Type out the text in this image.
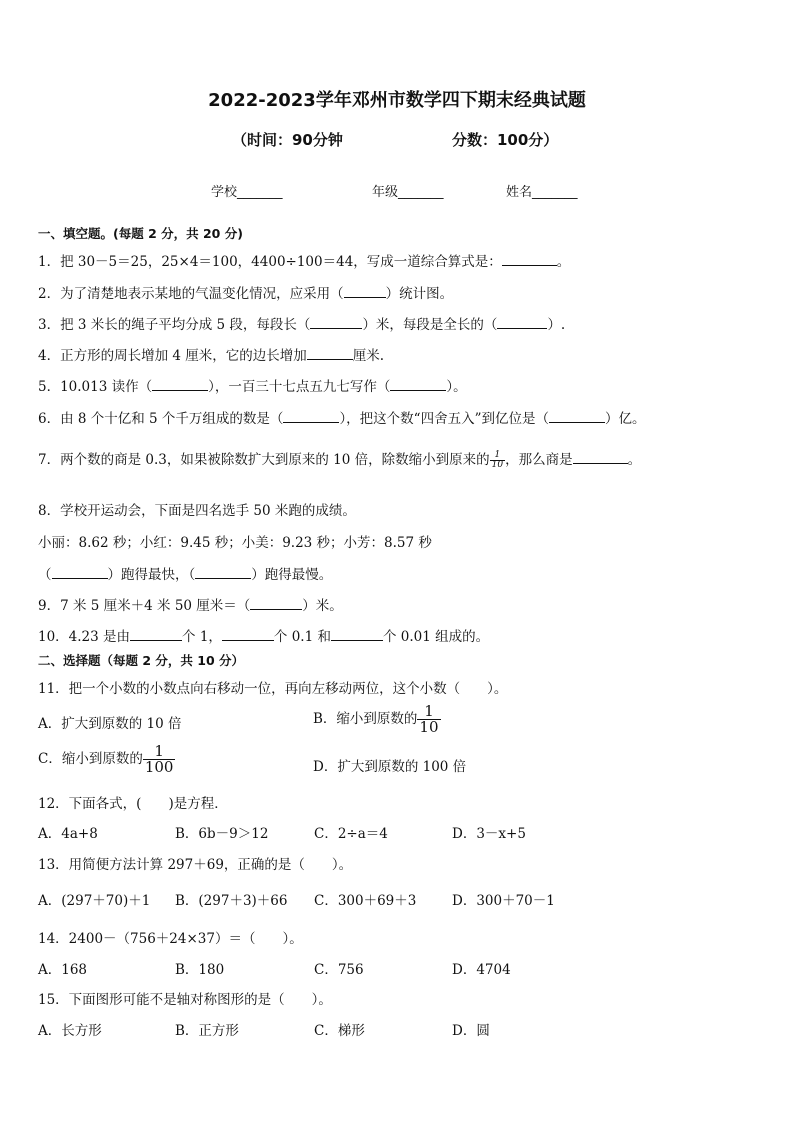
2022-2023学年邓州市数学四下期末经典试题
（时间：90分钟	分数：100分）
学校_______	年级_______	姓名_______
一、填空题。(每题 2 分，共 20 分)
1．把 30－5＝25，25×4＝100，4400÷100＝44，写成一道综合算式是：	。
2．为了清楚地表示某地的气温变化情况，应采用（	）统计图。
3．把 3 米长的绳子平均分成 5 段，每段长（	）米，每段是全长的（	）.
4．正方形的周长增加 4 厘米，它的边长增加	厘米.
5．10.013 读作（	），一百三十七点五九七写作（	）。
6．由 8 个十亿和 5 个千万组成的数是（	），把这个数“四舍五入”到亿位是（	）亿。
7．两个数的商是 0.3，如果被除数扩大到原来的 10 倍，除数缩小到原来的 $\frac{1}{10}$ ，那么商是	。
8．学校开运动会，下面是四名选手 50 米跑的成绩。
小丽：8.62 秒；小红：9.45 秒；小美：9.23 秒；小芳：8.57 秒
（	）跑得最快，（	）跑得最慢。
9．7 米 5 厘米＋4 米 50 厘米＝（	）米。
10．4.23 是由	个 1，	个 0.1 和	个 0.01 组成的。
二、选择题（每题 2 分，共 10 分）
11．把一个小数的小数点向右移动一位，再向左移动两位，这个小数（　　）。
A．扩大到原数的 10 倍	B．缩小到原数的 $\frac{1}{10}$
C．缩小到原数的 $\frac{1}{100}$	D．扩大到原数的 100 倍
12．下面各式，(　　)是方程．
A．4a+8	B．6b－9＞12	C．2÷a＝4	D．3－x+5
13．用简便方法计算 297＋69，正确的是（　　）。
A．(297＋70)＋1 B．(297＋3)＋66 C．300＋69＋3	D．300＋70－1
14．2400－（756＋24×37）＝（　　）。
A．168	B．180	C．756	D．4704
15．下面图形可能不是轴对称图形的是（　　）。
A．长方形	B．正方形	C．梯形	D．圆
